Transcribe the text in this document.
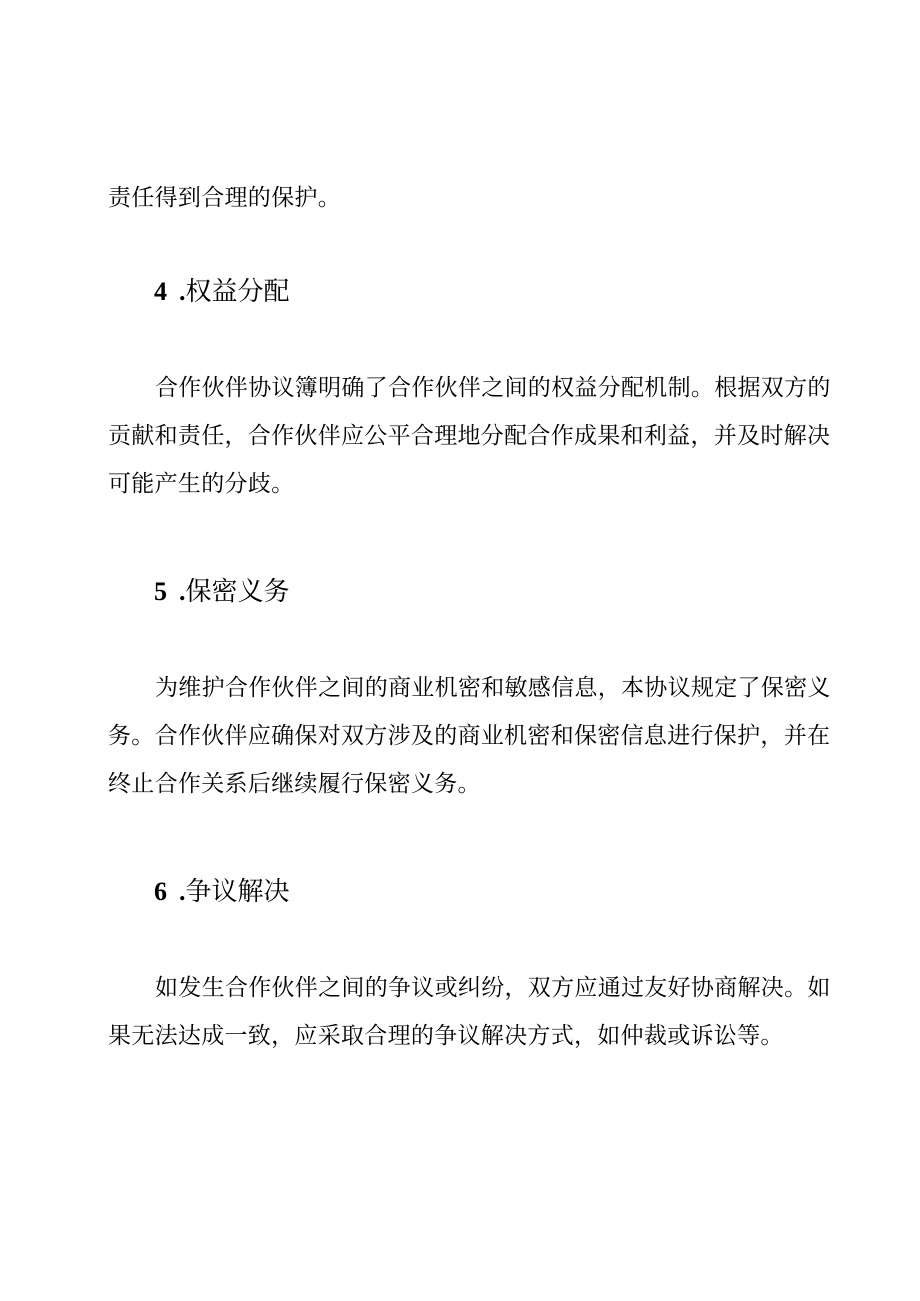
责任得到合理的保护。
4 .权益分配
合作伙伴协议簿明确了合作伙伴之间的权益分配机制。根据双方的
贡献和责任，合作伙伴应公平合理地分配合作成果和利益，并及时解决
可能产生的分歧。
5 .保密义务
为维护合作伙伴之间的商业机密和敏感信息，本协议规定了保密义
务。合作伙伴应确保对双方涉及的商业机密和保密信息进行保护，并在
终止合作关系后继续履行保密义务。
6 .争议解决
如发生合作伙伴之间的争议或纠纷，双方应通过友好协商解决。如
果无法达成一致，应采取合理的争议解决方式，如仲裁或诉讼等。
